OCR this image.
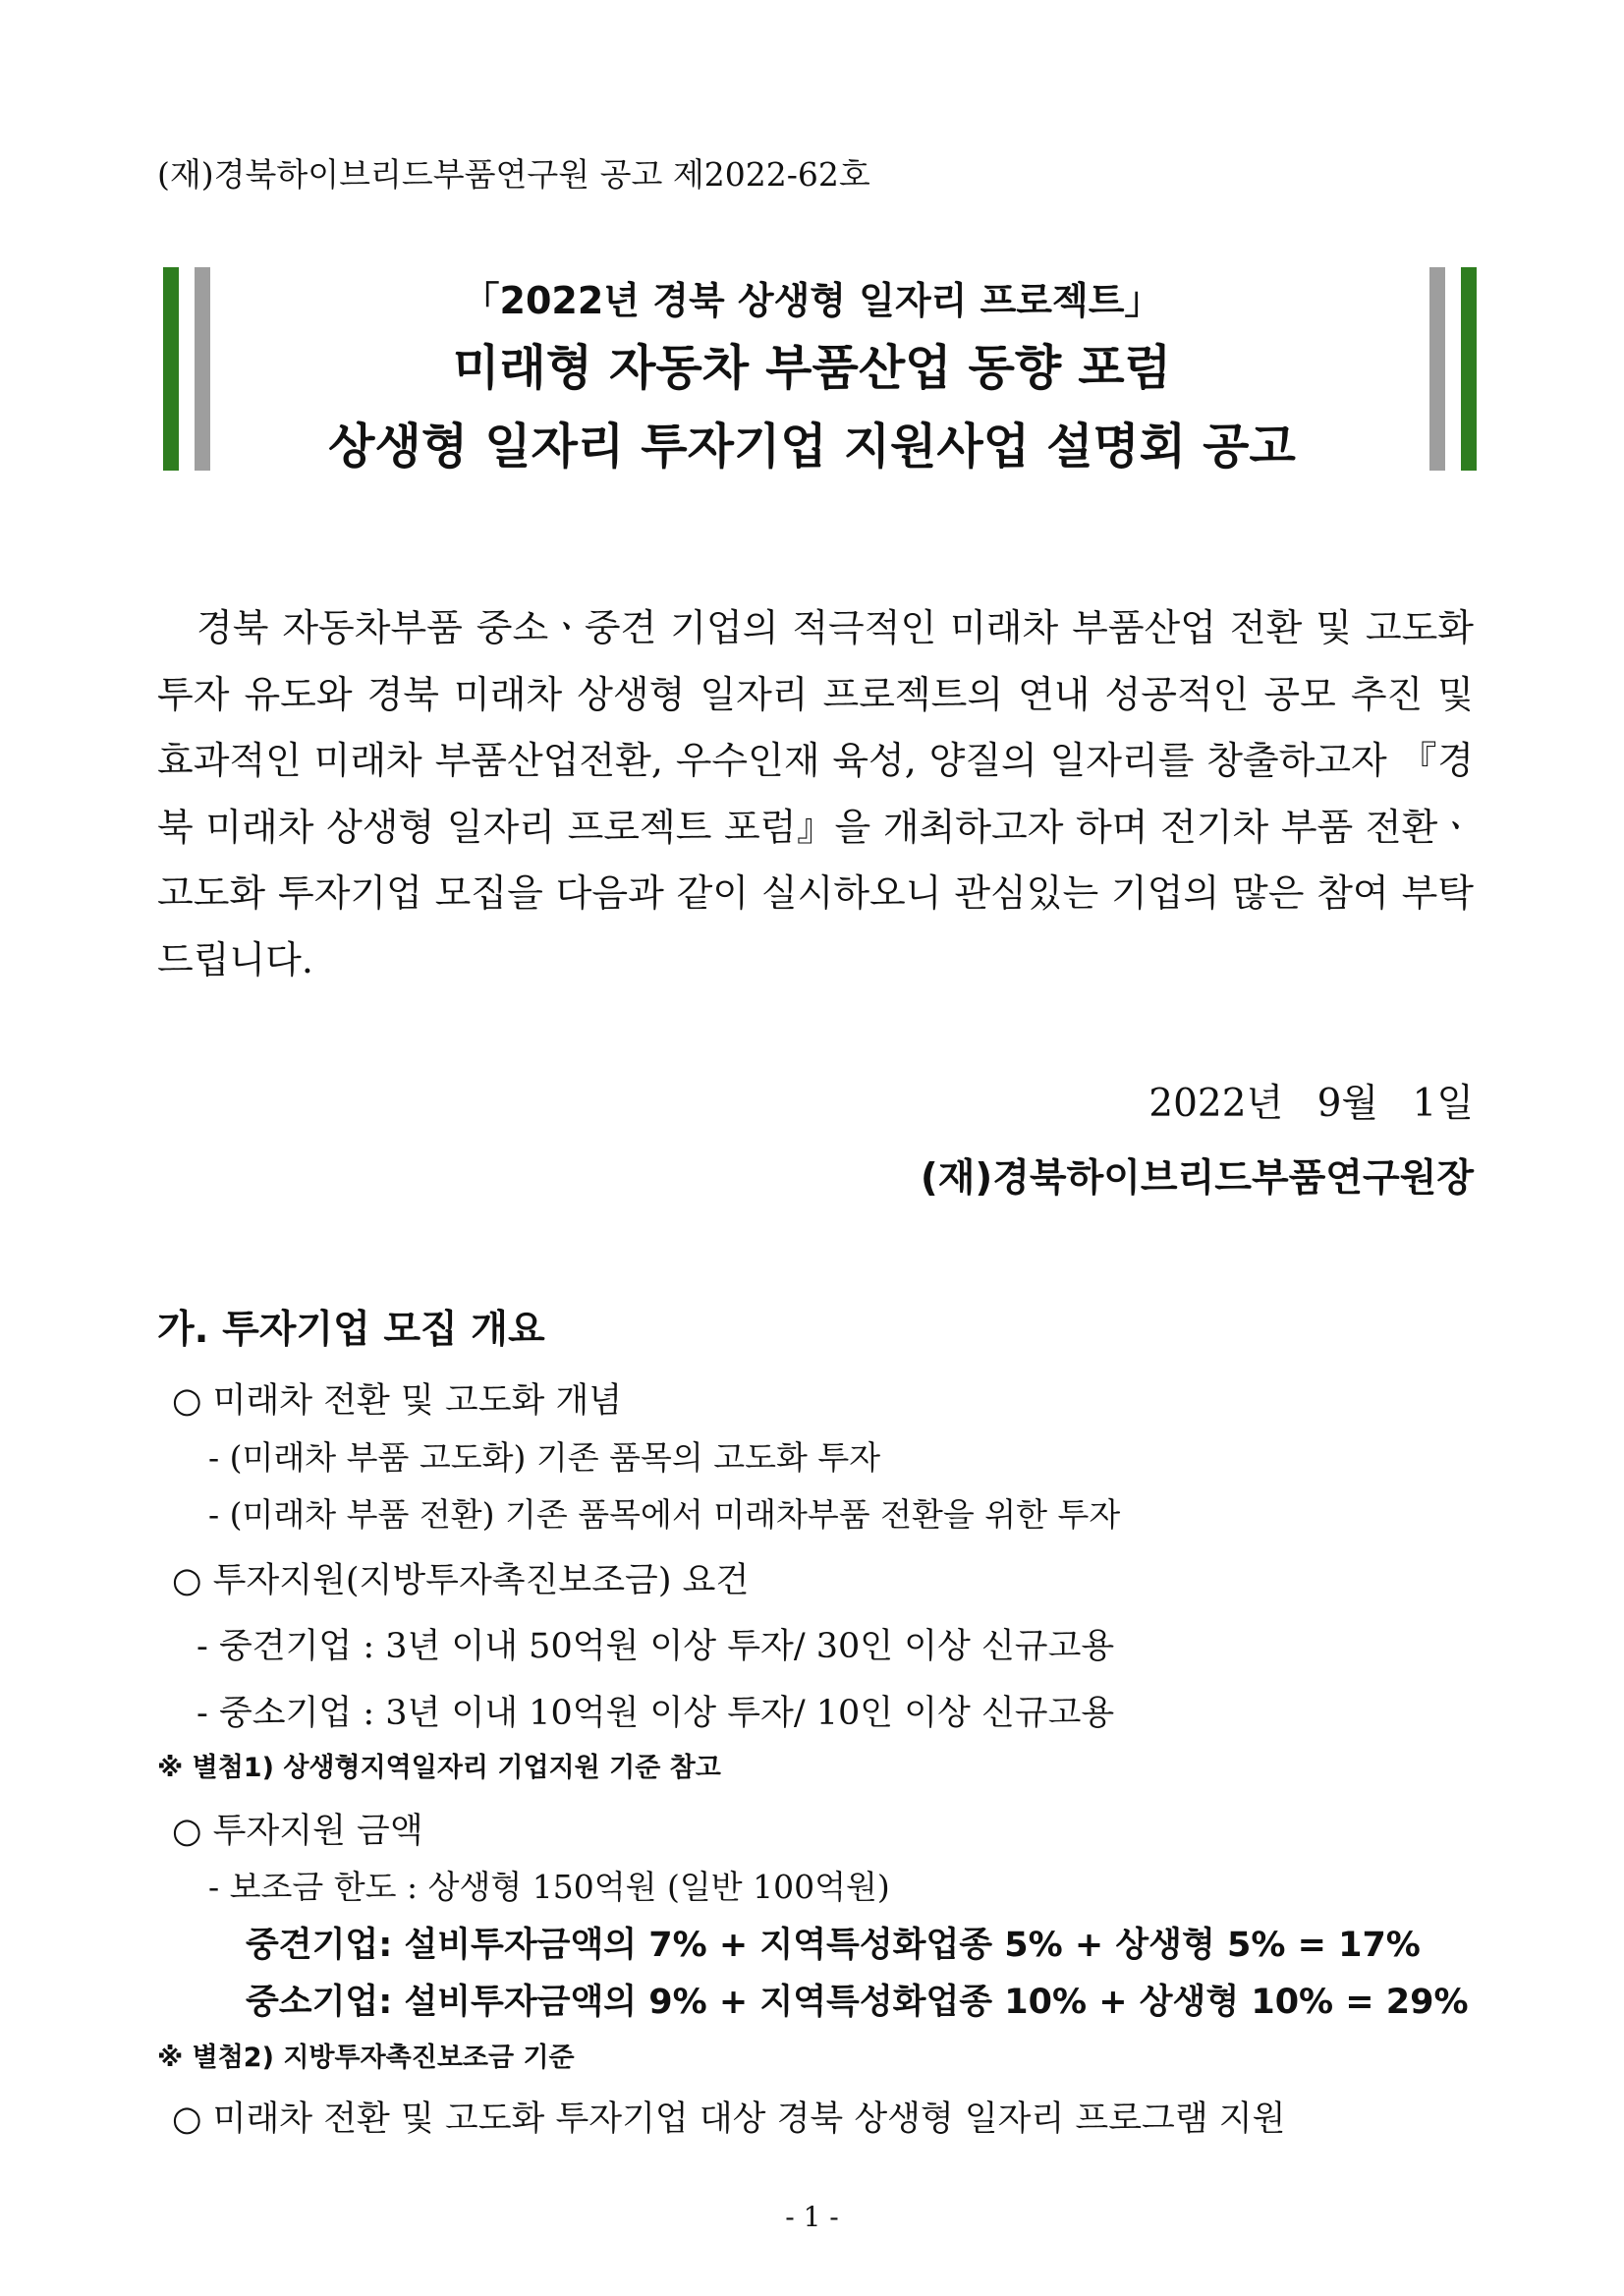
(재)경북하이브리드부품연구원 공고 제2022-62호
「2022년 경북 상생형 일자리 프로젝트」
미래형 자동차 부품산업 동향 포럼
상생형 일자리 투자기업 지원사업 설명회 공고
경북 자동차부품 중소ㆍ중견 기업의 적극적인 미래차 부품산업 전환 및 고도화 투자 유도와 경북 미래차 상생형 일자리 프로젝트의 연내 성공적인 공모 추진 및 효과적인 미래차 부품산업전환, 우수인재 육성, 양질의 일자리를 창출하고자 『경북 미래차 상생형 일자리 프로젝트 포럼』을 개최하고자 하며 전기차 부품 전환ㆍ고도화 투자기업 모집을 다음과 같이 실시하오니 관심있는 기업의 많은 참여 부탁드립니다.
2022년 9월 1일
(재)경북하이브리드부품연구원장
가. 투자기업 모집 개요
○ 미래차 전환 및 고도화 개념
- (미래차 부품 고도화) 기존 품목의 고도화 투자
- (미래차 부품 전환) 기존 품목에서 미래차부품 전환을 위한 투자
○ 투자지원(지방투자촉진보조금) 요건
- 중견기업 : 3년 이내 50억원 이상 투자/ 30인 이상 신규고용
- 중소기업 : 3년 이내 10억원 이상 투자/ 10인 이상 신규고용
※ 별첨1) 상생형지역일자리 기업지원 기준 참고
○ 투자지원 금액
- 보조금 한도 : 상생형 150억원 (일반 100억원)
중견기업: 설비투자금액의 7% + 지역특성화업종 5% + 상생형 5% = 17%
중소기업: 설비투자금액의 9% + 지역특성화업종 10% + 상생형 10% = 29%
※ 별첨2) 지방투자촉진보조금 기준
○ 미래차 전환 및 고도화 투자기업 대상 경북 상생형 일자리 프로그램 지원
- 1 -
